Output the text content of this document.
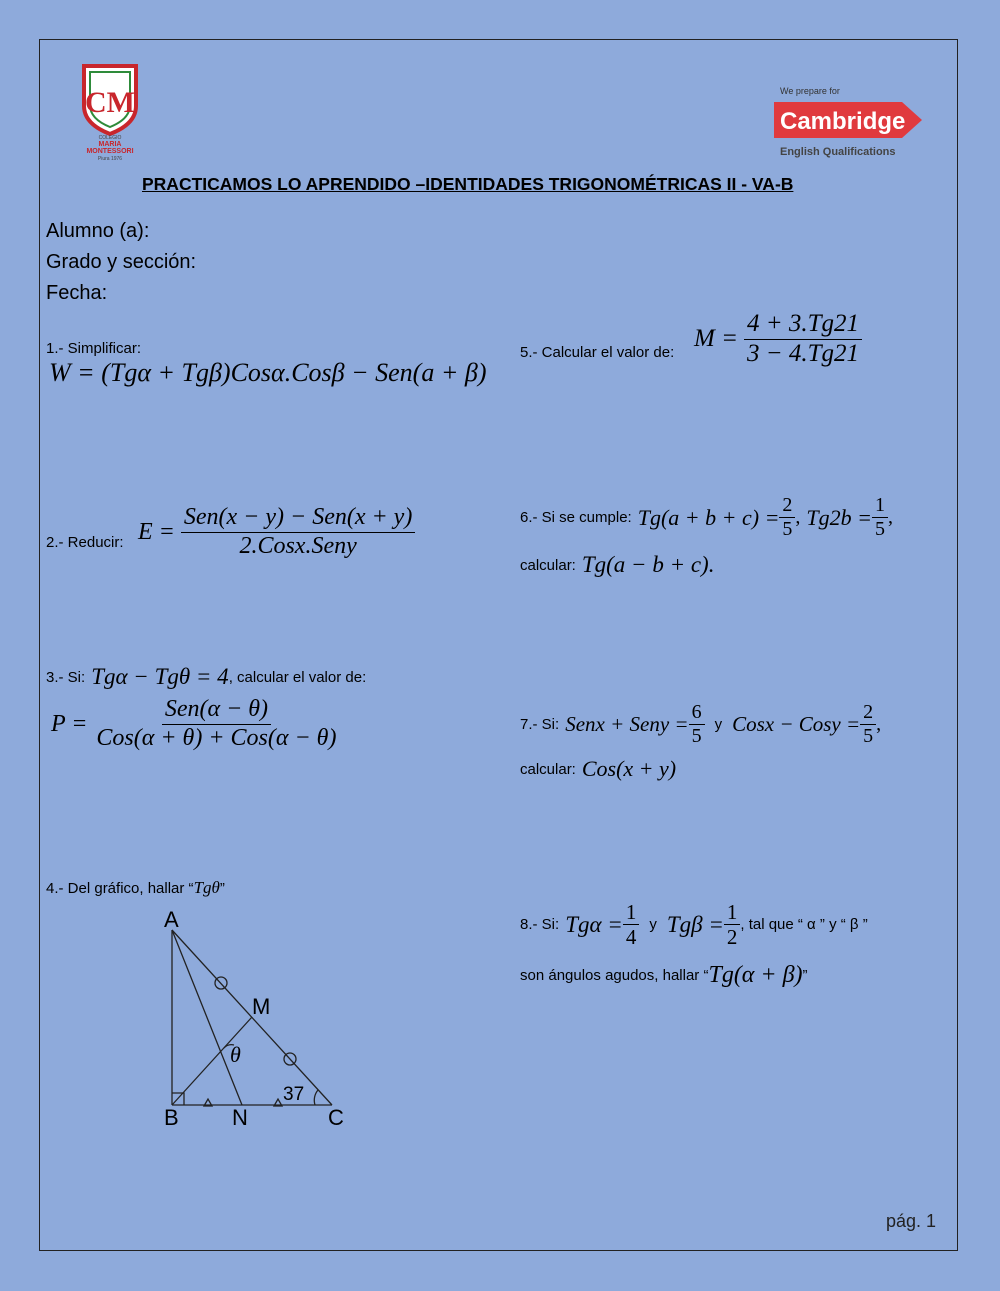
CM
COLEGIO
MARIA
MONTESSORI
Piura 1976
We prepare for
Cambridge
English Qualifications
PRACTICAMOS LO APRENDIDO –IDENTIDADES TRIGONOMÉTRICAS II - VA-B
Alumno (a):
Grado y sección:
Fecha:
1.- Simplificar:
W = (Tgα + Tgβ)Cosα.Cosβ − Sen(a + β)
2.- Reducir: $E = \frac{\text{Sen(x − y) − Sen(x + y)}}{\text{2.Cosx.Seny}}$
3.- Si: Tgα − Tgθ = 4 , calcular el valor de:
$P = \frac{\text{Sen(α − θ)}}{\text{Cos(α + θ) + Cos(α − θ)}}$
4.- Del gráfico, hallar “ Tgθ ”
A
B	C
M
N
37
θ
5.- Calcular el valor de:
$M = \frac{4 + 3.Tg21}{3 - 4.Tg21}$
6.- Si se cumple: $Tg(a + b + c) = \frac{2}{5}$ , $Tg2b = \frac{1}{5}$ ,
calcular: Tg(a − b + c).
7.- Si: Senx + Seny = $\frac{6}{5}$ y Cosx − Cosy = $\frac{2}{5}$ ,
calcular: Cos(x + y)
8.- Si: $Tg\alpha = \frac{1}{4}$ y $Tg\beta = \frac{1}{2}$ , tal que “ α ” y “ β ”
son ángulos agudos, hallar “ Tg(α + β) ”
pág. 1
